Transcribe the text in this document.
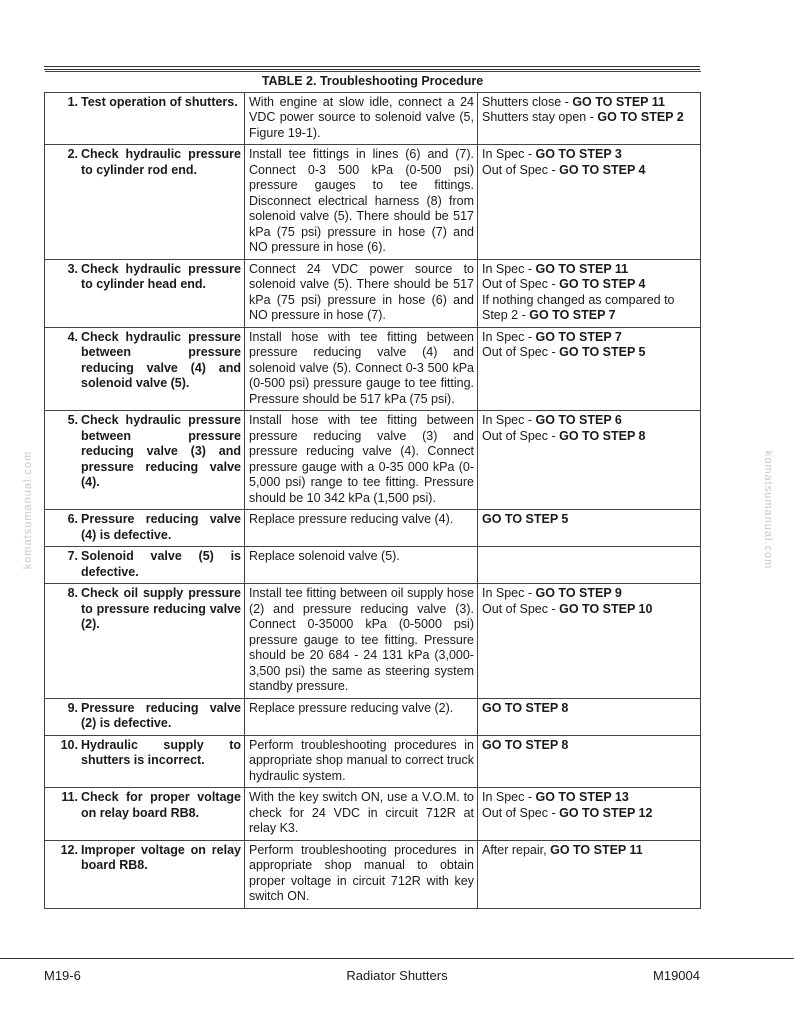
TABLE 2. Troubleshooting Procedure		

1. Test operation of shutters.	With engine at slow idle, connect a 24 VDC power source to solenoid valve (5, Figure 19-1).	Shutters close - GO TO STEP 11
Shutters stay open - GO TO STEP 2

2. Check hydraulic pressure to cylinder rod end.	Install tee fittings in lines (6) and (7). Connect 0-3 500 kPa (0-500 psi) pressure gauges to tee fittings. Disconnect electrical harness (8) from solenoid valve (5). There should be 517 kPa (75 psi) pressure in hose (7) and NO pressure in hose (6).	In Spec - GO TO STEP 3
Out of Spec - GO TO STEP 4

3. Check hydraulic pressure to cylinder head end.	Connect 24 VDC power source to solenoid valve (5). There should be 517 kPa (75 psi) pressure in hose (6) and NO pressure in hose (7).	In Spec - GO TO STEP 11
Out of Spec - GO TO STEP 4
If nothing changed as compared to Step 2 - GO TO STEP 7

4. Check hydraulic pressure between pressure reducing valve (4) and solenoid valve (5).	Install hose with tee fitting between pressure reducing valve (4) and solenoid valve (5). Connect 0-3 500 kPa (0-500 psi) pressure gauge to tee fitting. Pressure should be 517 kPa (75 psi).	In Spec - GO TO STEP 7
Out of Spec - GO TO STEP 5

5. Check hydraulic pressure between pressure reducing valve (3) and pressure reducing valve (4).	Install hose with tee fitting between pressure reducing valve (3) and pressure reducing valve (4). Connect pressure gauge with a 0-35 000 kPa (0-5,000 psi) range to tee fitting. Pressure should be 10 342 kPa (1,500 psi).	In Spec - GO TO STEP 6
Out of Spec - GO TO STEP 8

6. Pressure reducing valve (4) is defective.	Replace pressure reducing valve (4).	GO TO STEP 5

7. Solenoid valve (5) is defective.	Replace solenoid valve (5).	

8. Check oil supply pressure to pressure reducing valve (2).	Install tee fitting between oil supply hose (2) and pressure reducing valve (3). Connect 0-35000 kPa (0-5000 psi) pressure gauge to tee fitting. Pressure should be 20 684 - 24 131 kPa (3,000-3,500 psi) the same as steering system standby pressure.	In Spec - GO TO STEP 9
Out of Spec - GO TO STEP 10

9. Pressure reducing valve (2) is defective.	Replace pressure reducing valve (2).	GO TO STEP 8

10. Hydraulic supply to shutters is incorrect.	Perform troubleshooting procedures in appropriate shop manual to correct truck hydraulic system.	GO TO STEP 8

11. Check for proper voltage on relay board RB8.	With the key switch ON, use a V.O.M. to check for 24 VDC in circuit 712R at relay K3.	In Spec - GO TO STEP 13
Out of Spec - GO TO STEP 12

12. Improper voltage on relay board RB8.	Perform troubleshooting procedures in appropriate shop manual to obtain proper voltage in circuit 712R with key switch ON.	After repair, GO TO STEP 11
komatsumanual.com	komatsumanual.com
M19-6	Radiator Shutters	M19004
